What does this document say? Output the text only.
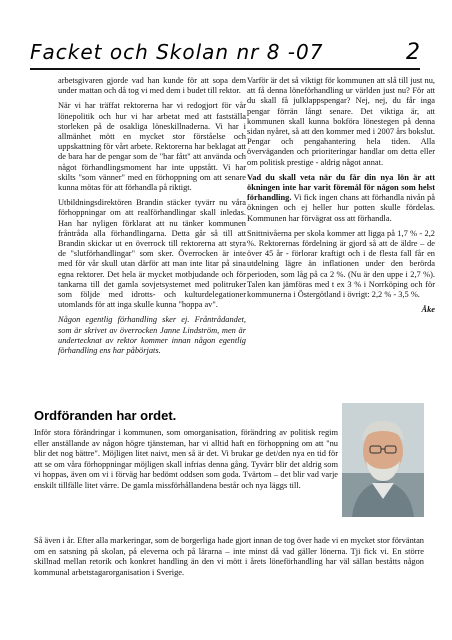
Facket och Skolan nr 8 -07	2

arbetsgivaren gjorde vad han kunde för att sopa dem under mattan och då tog vi med dem i budet till rektor.

När vi har träffat rektorerna har vi redogjort för vår lönepolitik och hur vi har arbetat med att fastställa storleken på de osakliga löneskillnaderna. Vi har i allmänhet mött en mycket stor förståelse och uppskattning för vårt arbete. Rektorerna har beklagat att de bara har de pengar som de "har fått" att använda och något förhandlingsmoment har inte uppstått. Vi har skilts "som vänner" med en förhoppning om att senare kunna mötas för att förhandla på riktigt.

Utbildningsdirektören Brandin stäcker tyvärr nu våra förhoppningar om att realförhandlingar skall inledas. Han har nyligen förklarat att nu tänker kommunen fråntråda alla förhandlingarna. Detta går så till att Brandin skickar ut en överrock till rektorerna att styra de "slutförhandlingar" som sker. Överrocken är inte med för vår skull utan därför att man inte litar på sina egna rektorer. Det hela är mycket motbjudande och för tankarna till det gamla sovjetsystemet med politruker som följde med idrotts- och kulturdelegationer utomlands för att inga skulle kunna "hoppa av".

Någon egentlig förhandling sker ej. Fråntrådandet, som är skrivet av överrocken Janne Lindström, men är undertecknat av rektor kommer innan någon egentlig förhandling ens har påbörjats.

Varför är det så viktigt för kommunen att slå till just nu, att få denna löneförhandling ur världen just nu? För att du skall få julklappspengar? Nej, nej, du får inga pengar förrän långt senare. Det viktiga är, att kommunen skall kunna bokföra lönestegen på denna sidan nyåret, så att den kommer med i 2007 års bokslut. Pengar och pengahantering hela tiden. Alla överväganden och prioriteringar handlar om detta eller om politisk prestige - aldrig något annat.

Vad du skall veta när du får din nya lön är att ökningen inte har varit föremål för någon som helst förhandling. Vi fick ingen chans att förhandla nivån på ökningen och ej heller hur potten skulle fördelas. Kommunen har förvägrat oss att förhandla.

Snittnivåerna per skola kommer att ligga på 1,7 % - 2,2 %. Rektorernas fördelning är gjord så att de äldre – de över 45 år - förlorar kraftigt och i de flesta fall får en utdelning lägre än inflationen under den berörda perioden, som låg på ca 2 %. (Nu är den uppe i 2,7 %). Talen kan jämföras med t ex 3 % i Norrköping och för kommunerna i Östergötland i övrigt: 2,2 % - 3,5 %.

Åke
Ordföranden har ordet.

Inför stora förändringar i kommunen, som omorganisation, förändring av politisk regim eller anställande av någon högre tjänsteman, har vi alltid haft en förhoppning om att "nu blir det nog bättre". Möjligen litet naivt, men så är det. Vi brukar ge det/den nya en tid för att se om våra förhoppningar möjligen skall infrias denna gång. Tyvärr blir det aldrig som vi hoppas, även om vi i förväg har bedömt oddsen som goda. Tvärtom – det blir vad varje enskilt tillfälle litet värre. De gamla missförhållandena består och nya läggs till.

Så även i år. Efter alla markeringar, som de borgerliga hade gjort innan de tog över hade vi en mycket stor förväntan om en satsning på skolan, på eleverna och på lärarna – inte minst då vad gäller lönerna. Tji fick vi. En större skillnad mellan retorik och konkret handling än den vi mött i årets löneförhandling har väl sällan beståtts någon kommunal arbetstagarorganisation i Sverige.
